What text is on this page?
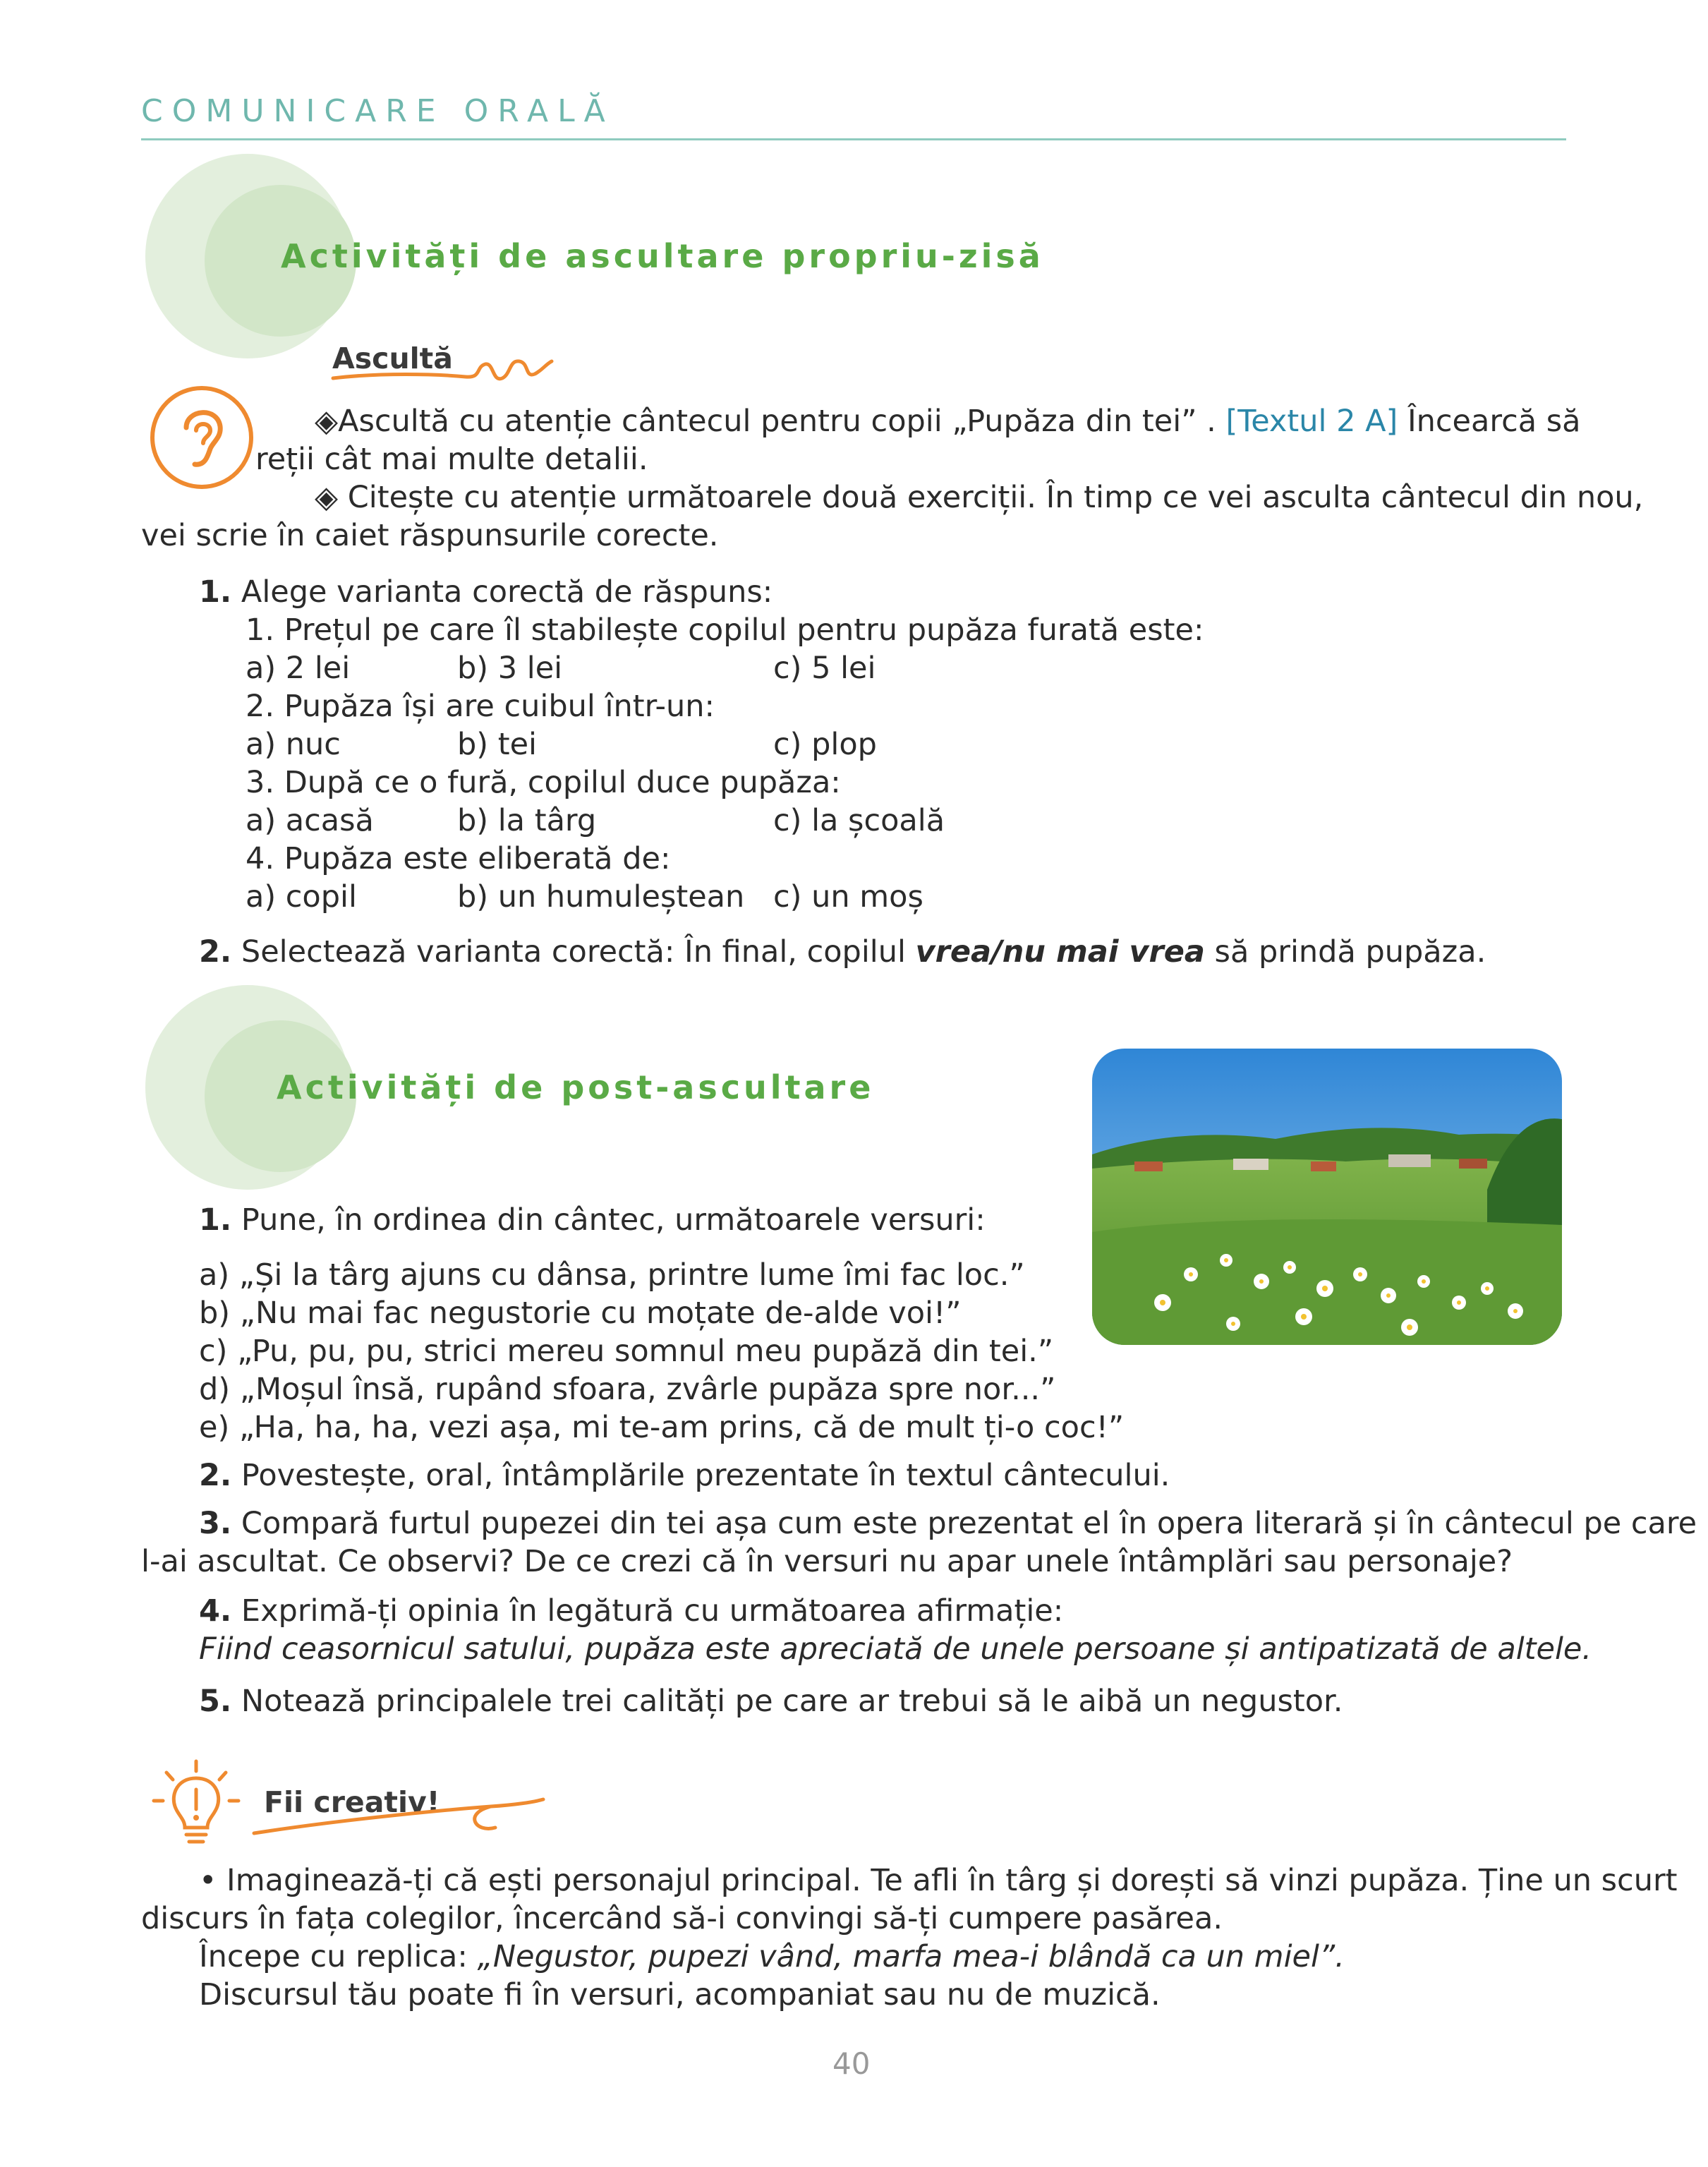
COMUNICARE ORALĂ
Activități de ascultare propriu-zisă
Ascultă
◈Ascultă cu atenție cântecul pentru copii „Pupăza din tei” . [Textul 2 A] Încearcă să
reții cât mai multe detalii.
◈ Citește cu atenție următoarele două exerciții. În timp ce vei asculta cântecul din nou,
vei scrie în caiet răspunsurile corecte.
1. Alege varianta corectă de răspuns:
1. Prețul pe care îl stabilește copilul pentru pupăza furată este:
a) 2 lei	b) 3 lei	c) 5 lei
2. Pupăza își are cuibul într-un:
a) nuc	b) tei	c) plop
3. După ce o fură, copilul duce pupăza:
a) acasă	b) la târg	c) la școală
4. Pupăza este eliberată de:
a) copil	b) un humuleștean c) un moș
2. Selectează varianta corectă: În final, copilul vrea/nu mai vrea să prindă pupăza.
Activități de post-ascultare
1. Pune, în ordinea din cântec, următoarele versuri:
a) „Și la târg ajuns cu dânsa, printre lume îmi fac loc.”
b) „Nu mai fac negustorie cu moțate de-alde voi!”
c) „Pu, pu, pu, strici mereu somnul meu pupăză din tei.”
d) „Moșul însă, rupând sfoara, zvârle pupăza spre nor...”
e) „Ha, ha, ha, vezi așa, mi te-am prins, că de mult ți-o coc!”
2. Povestește, oral, întâmplările prezentate în textul cântecului.
3. Compară furtul pupezei din tei așa cum este prezentat el în opera literară și în cântecul pe care
l-ai ascultat. Ce observi? De ce crezi că în versuri nu apar unele întâmplări sau personaje?
4. Exprimă-ți opinia în legătură cu următoarea afirmație:
Fiind ceasornicul satului, pupăza este apreciată de unele persoane și antipatizată de altele.
5. Notează principalele trei calități pe care ar trebui să le aibă un negustor.
Fii creativ!
• Imaginează-ți că ești personajul principal. Te afli în târg și dorești să vinzi pupăza. Ține un scurt
discurs în fața colegilor, încercând să-i convingi să-ți cumpere pasărea.
Începe cu replica: „Negustor, pupezi vând, marfa mea-i blândă ca un miel”.
Discursul tău poate fi în versuri, acompaniat sau nu de muzică.
40
